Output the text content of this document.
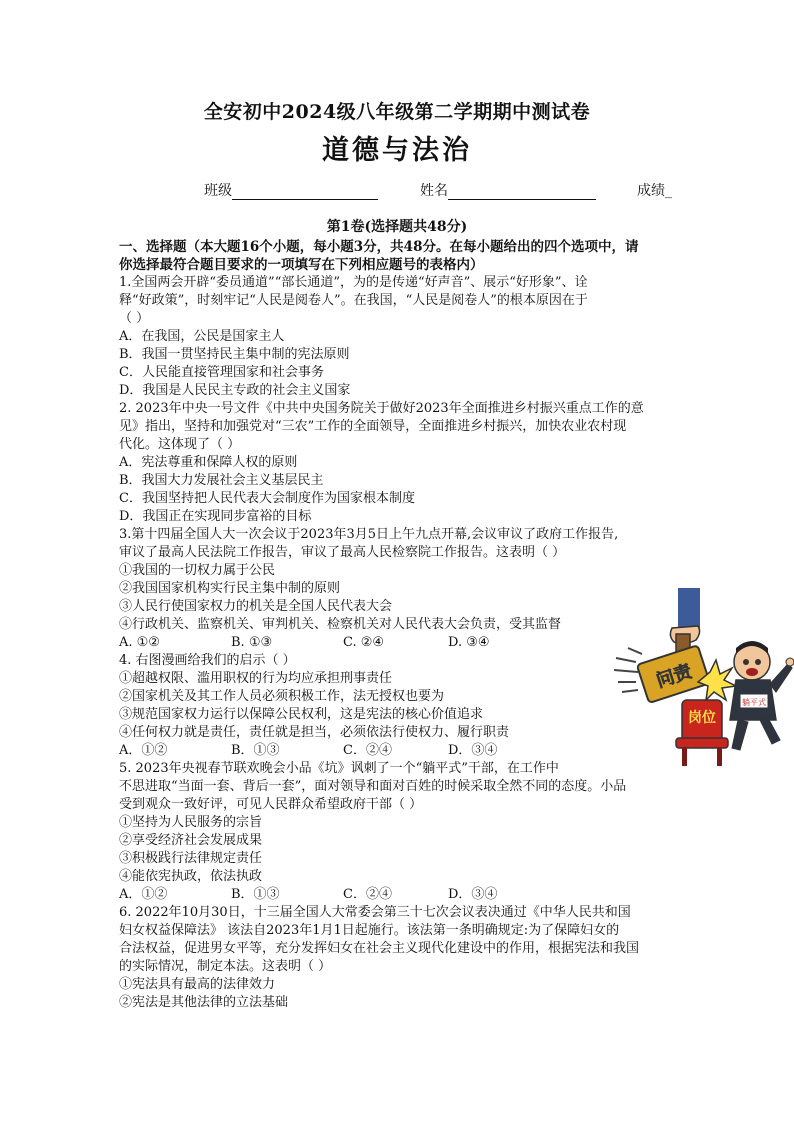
全安初中2024级八年级第二学期期中测试卷
道德与法治
班级	姓名	成绩_
第1卷(选择题共48分)
一、选择题（本大题16个小题，每小题3分，共48分。在每小题给出的四个选项中，请
你选择最符合题目要求的一项填写在下列相应题号的表格内）
1.全国两会开辟“委员通道”“部长通道”，为的是传递“好声音”、展示“好形象”、诠
释“好政策”，时刻牢记“人民是阅卷人”。在我国，“人民是阅卷人”的根本原因在于
（ ）
A．在我国，公民是国家主人
B．我国一贯坚持民主集中制的宪法原则
C．人民能直接管理国家和社会事务
D．我国是人民民主专政的社会主义国家
2. 2023年中央一号文件《中共中央国务院关于做好2023年全面推进乡村振兴重点工作的意
见》指出，坚持和加强党对“三农”工作的全面领导，全面推进乡村振兴，加快农业农村现
代化。这体现了（ ）
A．宪法尊重和保障人权的原则
B．我国大力发展社会主义基层民主
C．我国坚持把人民代表大会制度作为国家根本制度
D．我国正在实现同步富裕的目标
3.第十四届全国人大一次会议于2023年3月5日上午九点开幕,会议审议了政府工作报告,
审议了最高人民法院工作报告，审议了最高人民检察院工作报告。这表明（ ）
①我国的一切权力属于公民
②我国国家机构实行民主集中制的原则
③人民行使国家权力的机关是全国人民代表大会
④行政机关、监察机关、审判机关、检察机关对人民代表大会负责，受其监督
A. ①②	B. ①③	C. ②④	D. ③④
4. 右图漫画给我们的启示（ ）
①超越权限、滥用职权的行为均应承担刑事责任
②国家机关及其工作人员必须积极工作，法无授权也要为
③规范国家权力运行以保障公民权利，这是宪法的核心价值追求
④任何权力就是责任，责任就是担当，必须依法行使权力、履行职责
A．①②	B．①③	C．②④	D．③④
5. 2023年央视春节联欢晚会小品《坑》讽刺了一个“躺平式”干部，在工作中
不思进取“当面一套、背后一套”，面对领导和面对百姓的时候采取全然不同的态度。小品
受到观众一致好评，可见人民群众希望政府干部（ ）
①坚持为人民服务的宗旨
②享受经济社会发展成果
③积极践行法律规定责任
④能依宪执政，依法执政
A．①②	B．①③	C．②④	D．③④
6. 2022年10月30日，十三届全国人大常委会第三十七次会议表决通过《中华人民共和国
妇女权益保障法》 该法自2023年1月1日起施行。该法第一条明确规定:为了保障妇女的
合法权益，促进男女平等，充分发挥妇女在社会主义现代化建设中的作用，根据宪法和我国
的实际情况，制定本法。这表明（ ）
①宪法具有最高的法律效力
②宪法是其他法律的立法基础
问责
躺平式
岗位
